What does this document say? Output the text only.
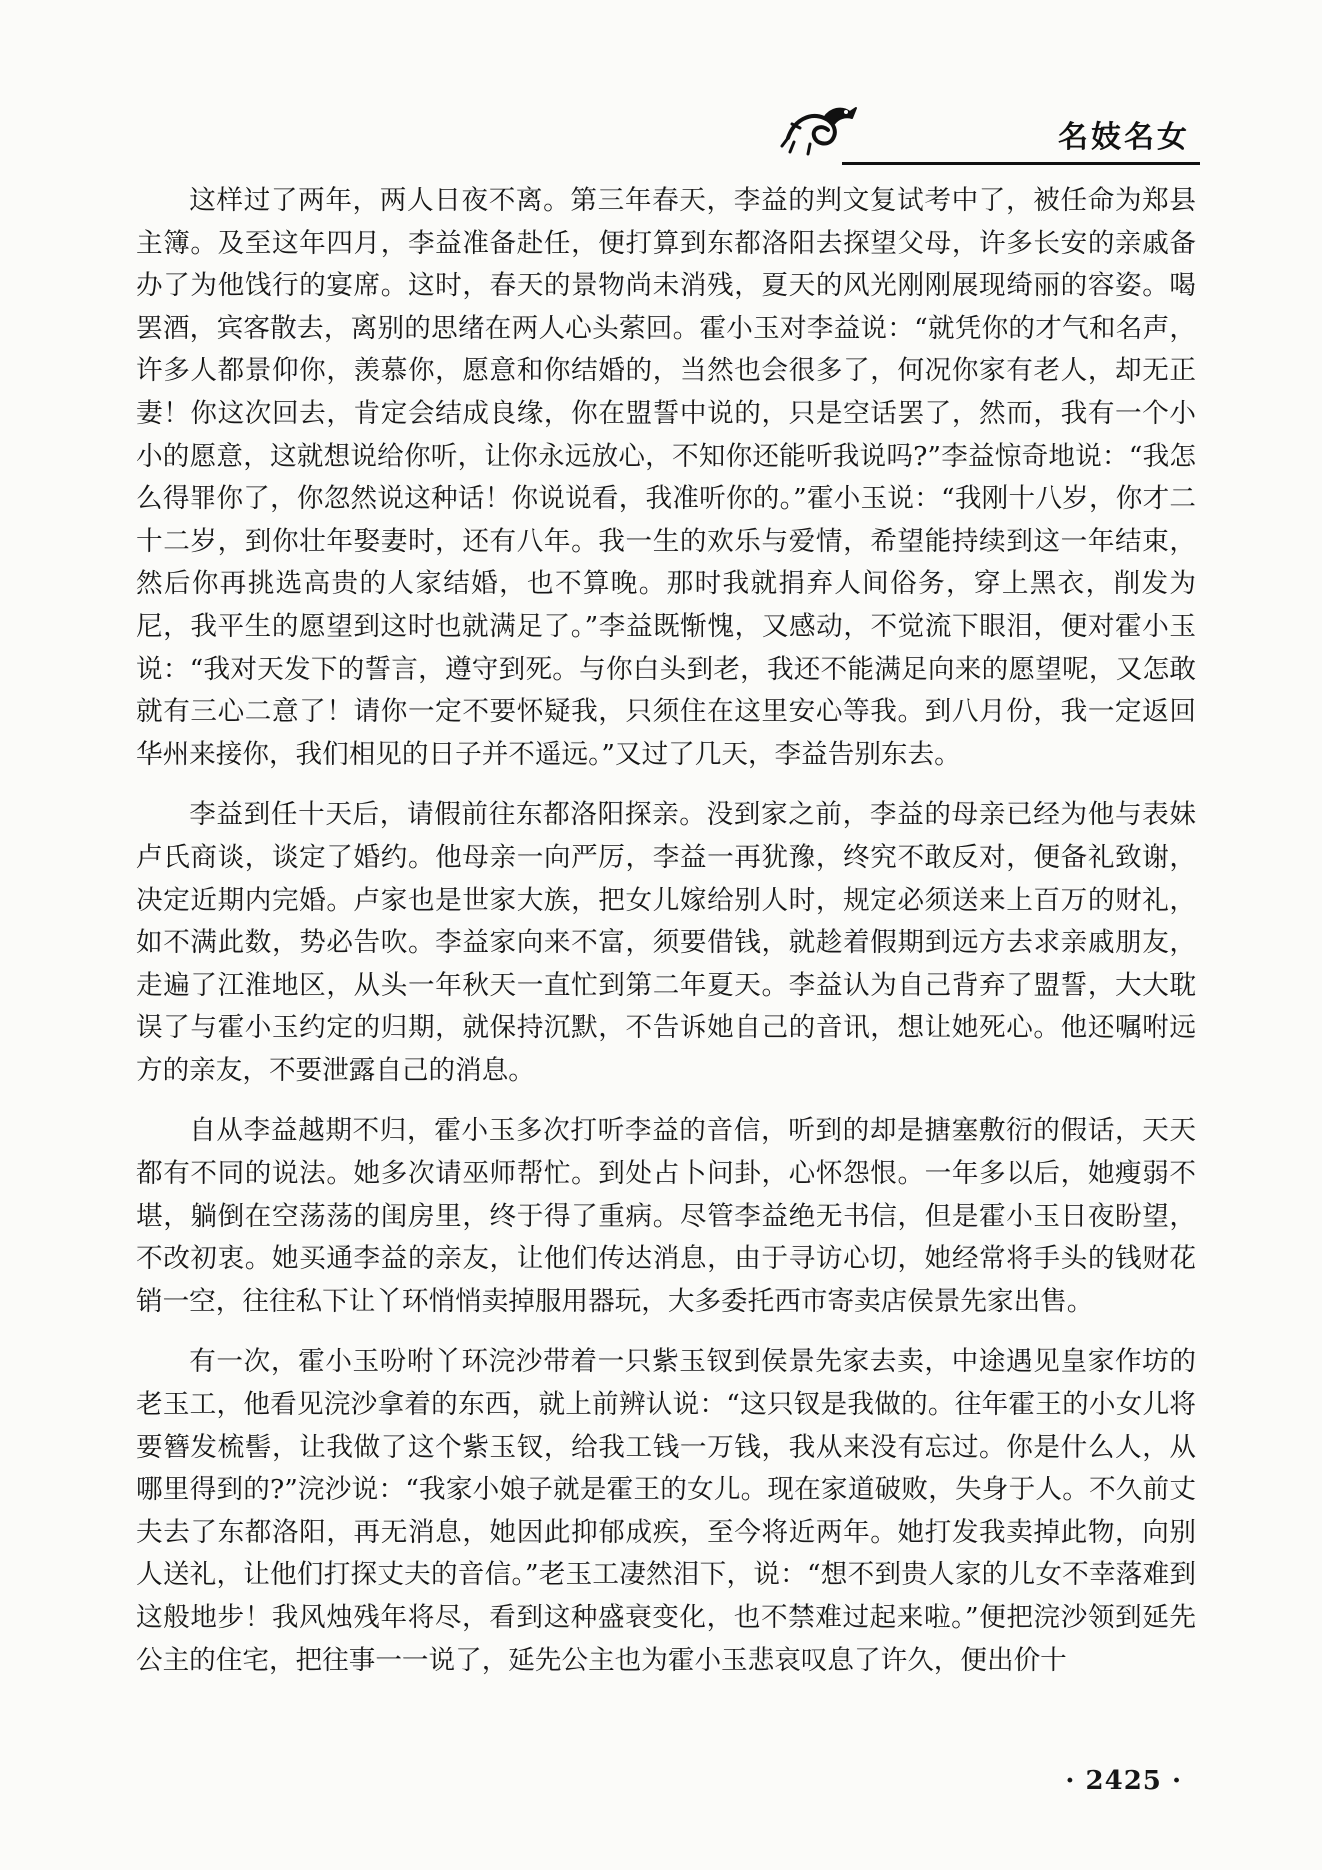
名妓名女

这样过了两年，两人日夜不离。第三年春天，李益的判文复试考中了，被任命为郑县主簿。及至这年四月，李益准备赴任，便打算到东都洛阳去探望父母，许多长安的亲戚备办了为他饯行的宴席。这时，春天的景物尚未消残，夏天的风光刚刚展现绮丽的容姿。喝罢酒，宾客散去，离别的思绪在两人心头萦回。霍小玉对李益说：“就凭你的才气和名声，许多人都景仰你，羡慕你，愿意和你结婚的，当然也会很多了，何况你家有老人，却无正妻！你这次回去，肯定会结成良缘，你在盟誓中说的，只是空话罢了，然而，我有一个小小的愿意，这就想说给你听，让你永远放心，不知你还能听我说吗?”李益惊奇地说：“我怎么得罪你了，你忽然说这种话！你说说看，我准听你的。”霍小玉说：“我刚十八岁，你才二十二岁，到你壮年娶妻时，还有八年。我一生的欢乐与爱情，希望能持续到这一年结束，然后你再挑选高贵的人家结婚，也不算晚。那时我就捐弃人间俗务，穿上黑衣，削发为尼，我平生的愿望到这时也就满足了。”李益既惭愧，又感动，不觉流下眼泪，便对霍小玉说：“我对天发下的誓言，遵守到死。与你白头到老，我还不能满足向来的愿望呢，又怎敢就有三心二意了！请你一定不要怀疑我，只须住在这里安心等我。到八月份，我一定返回华州来接你，我们相见的日子并不遥远。”又过了几天，李益告别东去。

李益到任十天后，请假前往东都洛阳探亲。没到家之前，李益的母亲已经为他与表妹卢氏商谈，谈定了婚约。他母亲一向严厉，李益一再犹豫，终究不敢反对，便备礼致谢，决定近期内完婚。卢家也是世家大族，把女儿嫁给别人时，规定必须送来上百万的财礼，如不满此数，势必告吹。李益家向来不富，须要借钱，就趁着假期到远方去求亲戚朋友，走遍了江淮地区，从头一年秋天一直忙到第二年夏天。李益认为自己背弃了盟誓，大大耽误了与霍小玉约定的归期，就保持沉默，不告诉她自己的音讯，想让她死心。他还嘱咐远方的亲友，不要泄露自己的消息。

自从李益越期不归，霍小玉多次打听李益的音信，听到的却是搪塞敷衍的假话，天天都有不同的说法。她多次请巫师帮忙。到处占卜问卦，心怀怨恨。一年多以后，她瘦弱不堪，躺倒在空荡荡的闺房里，终于得了重病。尽管李益绝无书信，但是霍小玉日夜盼望，不改初衷。她买通李益的亲友，让他们传达消息，由于寻访心切，她经常将手头的钱财花销一空，往往私下让丫环悄悄卖掉服用器玩，大多委托西市寄卖店侯景先家出售。

有一次，霍小玉吩咐丫环浣沙带着一只紫玉钗到侯景先家去卖，中途遇见皇家作坊的老玉工，他看见浣沙拿着的东西，就上前辨认说：“这只钗是我做的。往年霍王的小女儿将要簪发梳髻，让我做了这个紫玉钗，给我工钱一万钱，我从来没有忘过。你是什么人，从哪里得到的?”浣沙说：“我家小娘子就是霍王的女儿。现在家道破败，失身于人。不久前丈夫去了东都洛阳，再无消息，她因此抑郁成疾，至今将近两年。她打发我卖掉此物，向别人送礼，让他们打探丈夫的音信。”老玉工凄然泪下，说：“想不到贵人家的儿女不幸落难到这般地步！我风烛残年将尽，看到这种盛衰变化，也不禁难过起来啦。”便把浣沙领到延先公主的住宅，把往事一一说了，延先公主也为霍小玉悲哀叹息了许久，便出价十

· 2425 ·
